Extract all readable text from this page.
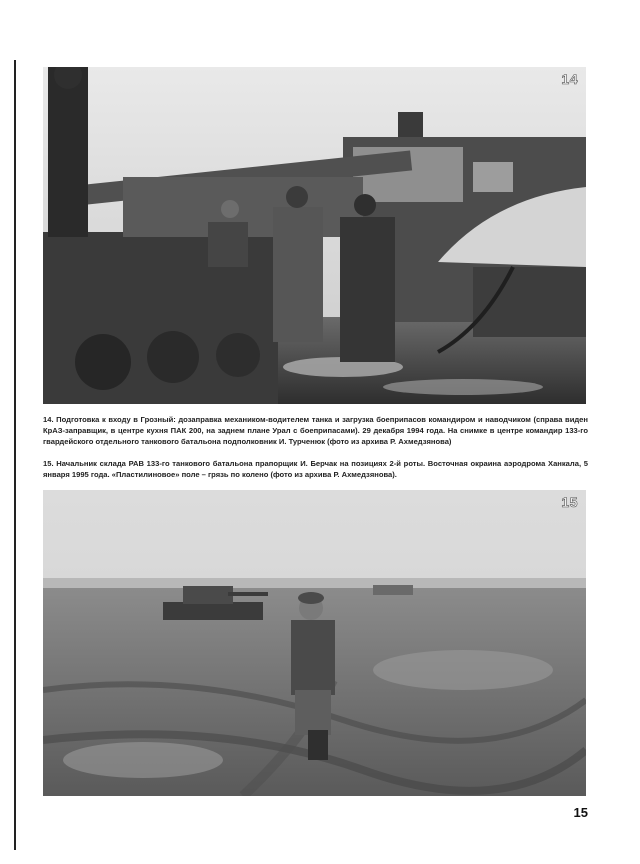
14
14. Подготовка к входу в Грозный: дозаправка механиком-водителем танка и загрузка боеприпасов командиром и наводчиком (справа виден КрАЗ-заправщик, в центре кухня ПАК 200, на заднем плане Урал с боеприпасами). 29 декабря 1994 года. На снимке в центре командир 133-го гвардейского отдельного танкового батальона подполковник И. Турченюк (фото из архива Р. Ахмедзянова)
15. Начальник склада РАВ 133-го танкового батальона прапорщик И. Берчак на позициях 2-й роты. Восточная окраина аэродрома Ханкала, 5 января 1995 года. «Пластилиновое» поле – грязь по колено (фото из архива Р. Ахмедзянова).
15
15
